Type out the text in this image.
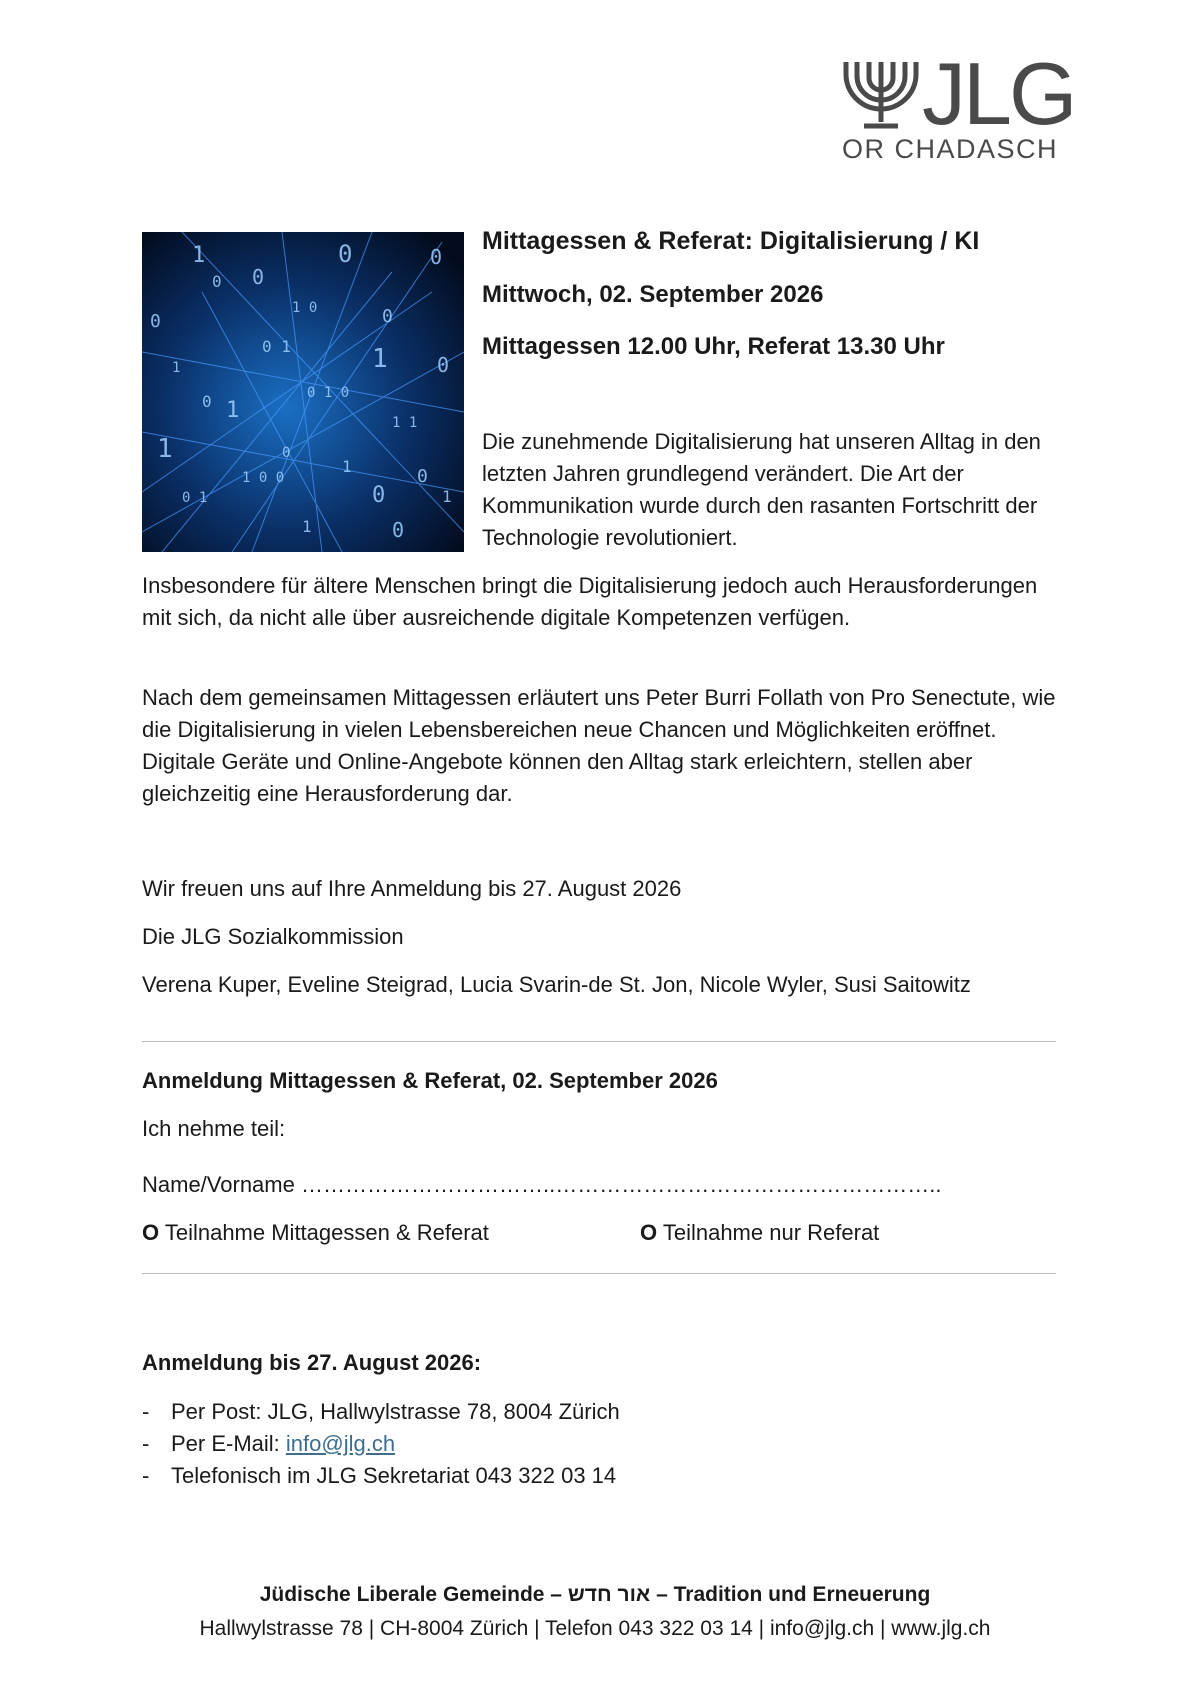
JLG
OR CHADASCH
1
0 0
0	0
0
1 0	0
1
0 1	1 0
0 1
0 1 0
1 1
1	0
1	0
0
0 1
1	0
1
1 0 0
Mittagessen & Referat: Digitalisierung / KI
Mittwoch, 02. September 2026
Mittagessen 12.00 Uhr, Referat 13.30 Uhr

Die zunehmende Digitalisierung hat unseren Alltag in den letzten Jahren grundlegend verändert. Die Art der Kommunikation wurde durch den rasanten Fortschritt der Technologie revolutioniert.

Insbesondere für ältere Menschen bringt die Digitalisierung jedoch auch Herausforderungen mit sich, da nicht alle über ausreichende digitale Kompetenzen verfügen.

Nach dem gemeinsamen Mittagessen erläutert uns Peter Burri Follath von Pro Senectute, wie die Digitalisierung in vielen Lebensbereichen neue Chancen und Möglichkeiten eröffnet. Digitale Geräte und Online-Angebote können den Alltag stark erleichtern, stellen aber gleichzeitig eine Herausforderung dar.

Wir freuen uns auf Ihre Anmeldung bis 27. August 2026
Die JLG Sozialkommission
Verena Kuper, Eveline Steigrad, Lucia Svarin-de St. Jon, Nicole Wyler, Susi Saitowitz
Anmeldung Mittagessen & Referat, 02. September 2026
Ich nehme teil:
Name/Vorname ……………………………..……………………………………………..
O Teilnahme Mittagessen & Referat	O Teilnahme nur Referat
Anmeldung bis 27. August 2026:
- Per Post: JLG, Hallwylstrasse 78, 8004 Zürich
- Per E-Mail: info@jlg.ch
- Telefonisch im JLG Sekretariat 043 322 03 14
Jüdische Liberale Gemeinde – אור חדש – Tradition und Erneuerung
Hallwylstrasse 78 | CH-8004 Zürich | Telefon 043 322 03 14 | info@jlg.ch | www.jlg.ch
